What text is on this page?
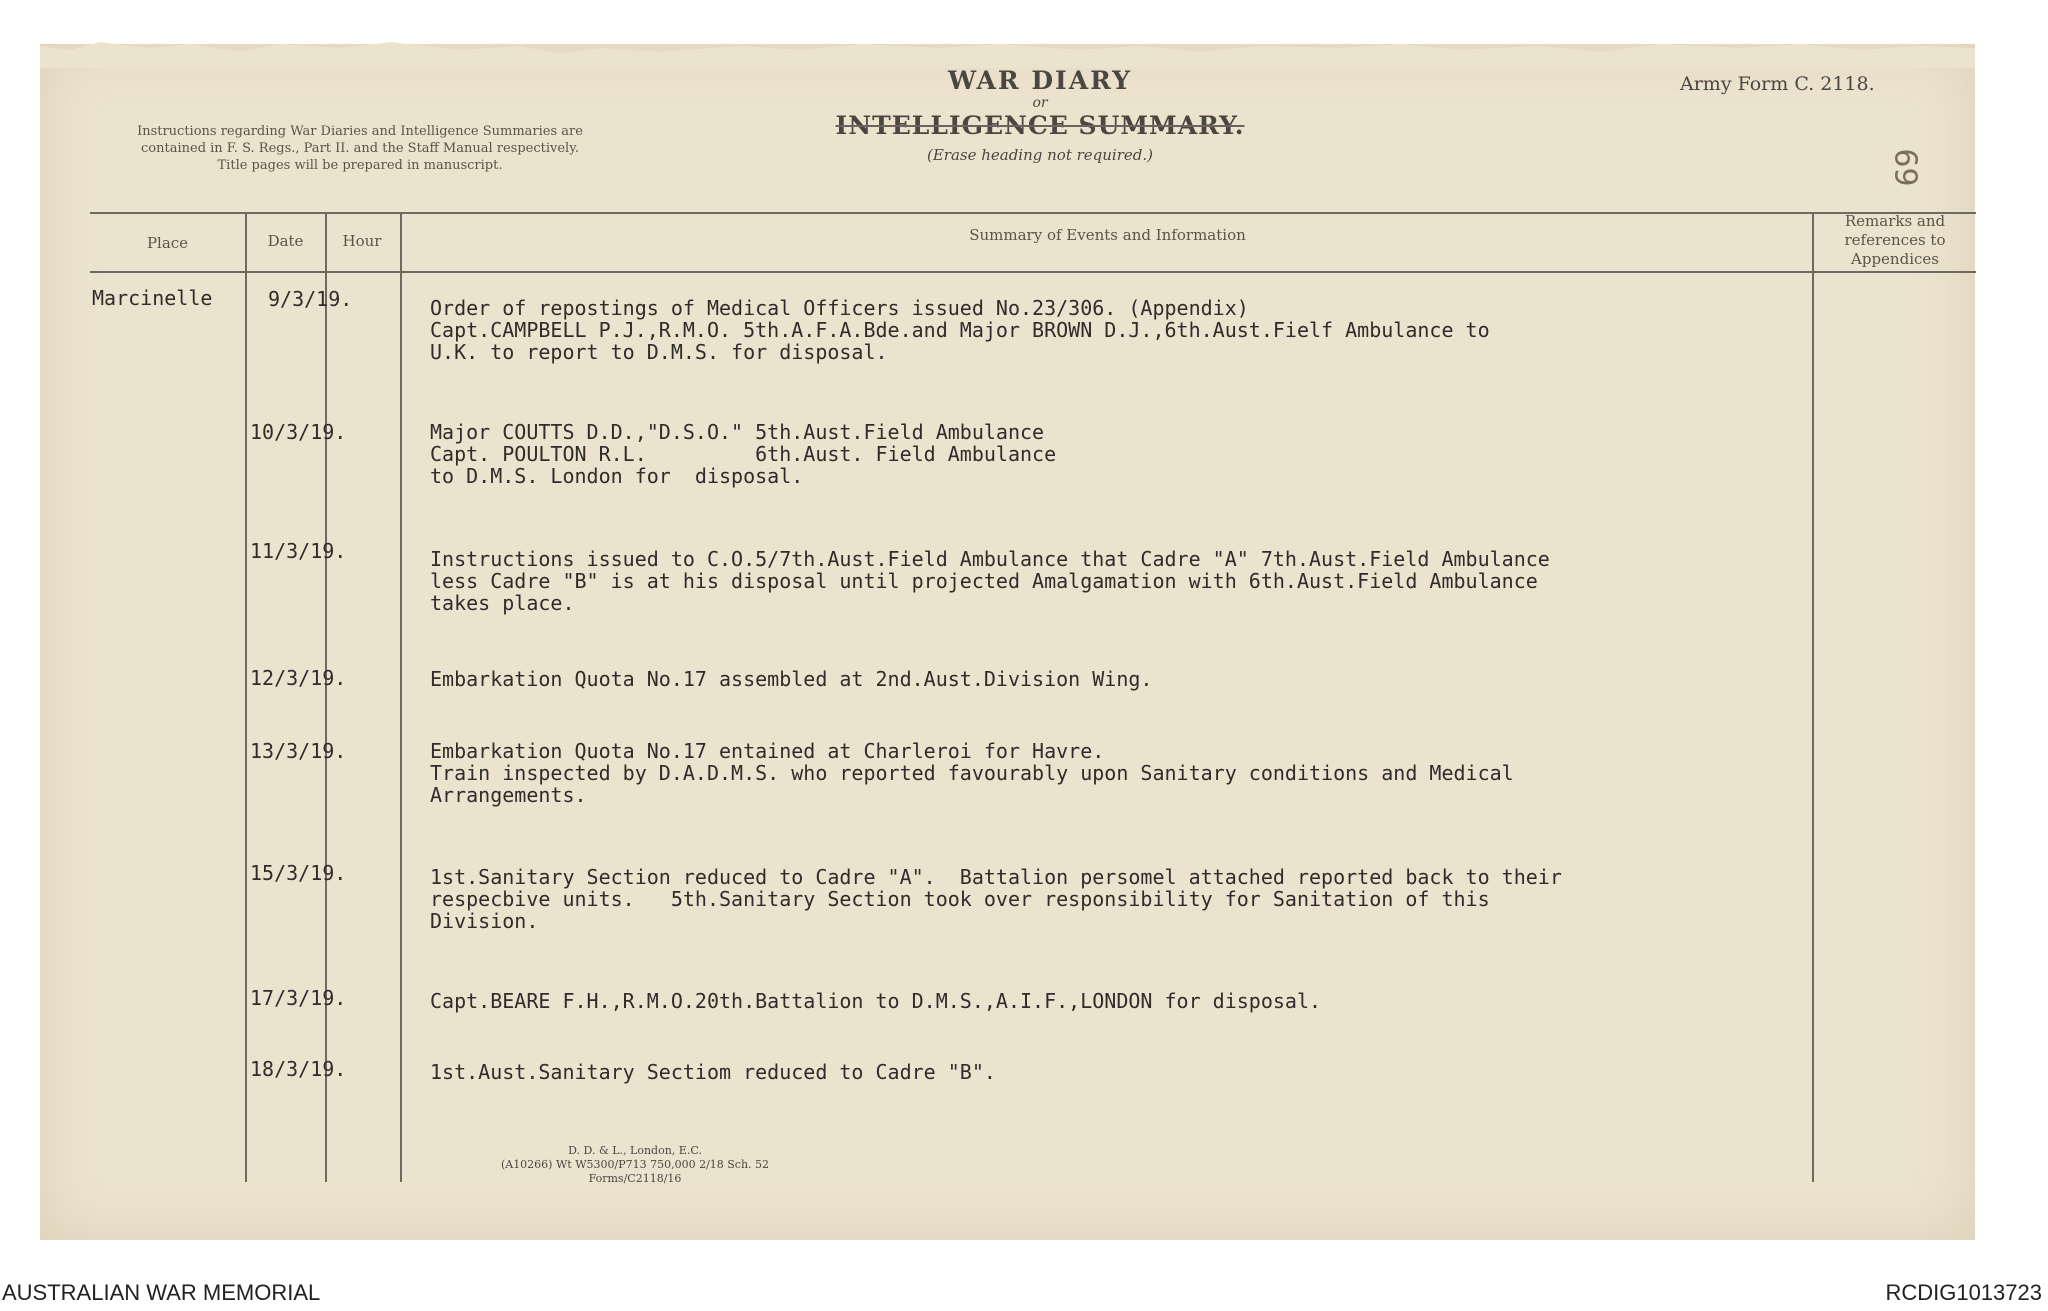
Instructions regarding War Diaries and Intelligence Summaries are contained in F. S. Regs., Part II. and the Staff Manual respectively. Title pages will be prepared in manuscript.
WAR DIARY
or
INTELLIGENCE SUMMARY.
(Erase heading not required.)
Army Form C. 2118.
69
Place	Date	Hour	Summary of Events and Information
Remarks and references to Appendices
Marcinelle	9/3/19.	Order of repostings of Medical Officers issued No.23/306. (Appendix)
Capt.CAMPBELL P.J.,R.M.O. 5th.A.F.A.Bde.and Major BROWN D.J.,6th.Aust.Fielf Ambulance to
U.K. to report to D.M.S. for disposal.
10/3/19.	Major COUTTS D.D.,"D.S.O." 5th.Aust.Field Ambulance
Capt. POULTON R.L.         6th.Aust. Field Ambulance
to D.M.S. London for  disposal.
11/3/19.	Instructions issued to C.O.5/7th.Aust.Field Ambulance that Cadre "A" 7th.Aust.Field Ambulance
less Cadre "B" is at his disposal until projected Amalgamation with 6th.Aust.Field Ambulance
takes place.
12/3/19.	Embarkation Quota No.17 assembled at 2nd.Aust.Division Wing.
13/3/19.	Embarkation Quota No.17 entained at Charleroi for Havre.
Train inspected by D.A.D.M.S. who reported favourably upon Sanitary conditions and Medical
Arrangements.
15/3/19.	1st.Sanitary Section reduced to Cadre "A".  Battalion persomel attached reported back to their
respecbive units.   5th.Sanitary Section took over responsibility for Sanitation of this
Division.
17/3/19.	Capt.BEARE F.H.,R.M.O.20th.Battalion to D.M.S.,A.I.F.,LONDON for disposal.
18/3/19.	1st.Aust.Sanitary Sectiom reduced to Cadre "B".
D. D. & L., London, E.C.
(A10266) Wt W5300/P713 750,000 2/18 Sch. 52 Forms/C2118/16
AUSTRALIAN WAR MEMORIAL	RCDIG1013723
